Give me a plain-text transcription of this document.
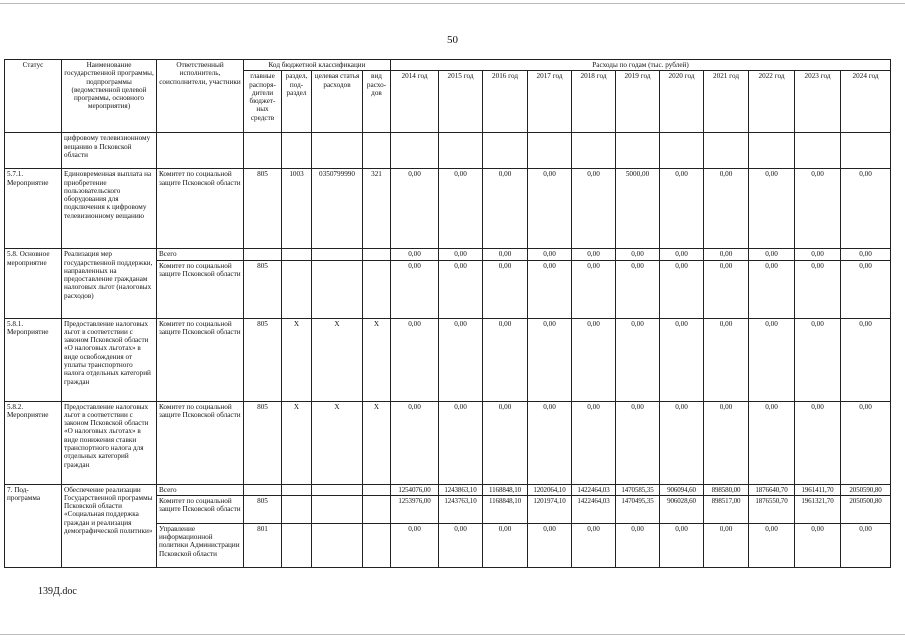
50
Статус	Наименование государственной программы, подпрограммы (ведомственной целевой программы, основного мероприятия)	Ответственный исполнитель, соисполнители, участники	Код бюджетной классификации				Расходы по годам (тыс. рублей)										
			главные распоря-дители бюджет-ных средств	раздел, под-раздел	целевая статья расходов	вид расхо-дов	2014 год	2015 год	2016 год	2017 год	2018 год	2019 год	2020 год	2021 год	2022 год	2023 год	2024 год
	цифровому телевизионному вещанию в Псковской области																
5.7.1. Мероприятие	Единовременная выплата на приобретение пользовательского оборудования для подключения к цифровому телевизионному вещанию	Комитет по социальной защите Псковской области	805	1003	0350799990	321	0,00	0,00	0,00	0,00	0,00	5000,00	0,00	0,00	0,00	0,00	0,00
5.8. Основное мероприятие	Реализация мер государственной поддержки, направленных на предоставление гражданам налоговых льгот (налоговых расходов)	Всего					0,00	0,00	0,00	0,00	0,00	0,00	0,00	0,00	0,00	0,00	0,00
		Комитет по социальной защите Псковской области	805				0,00	0,00	0,00	0,00	0,00	0,00	0,00	0,00	0,00	0,00	0,00
5.8.1. Мероприятие	Предоставление налоговых льгот в соответствии с законом Псковской области «О налоговых льготах» в виде освобождения от уплаты транспортного налога отдельных категорий граждан	Комитет по социальной защите Псковской области	805	X	X	X	0,00	0,00	0,00	0,00	0,00	0,00	0,00	0,00	0,00	0,00	0,00
5.8.2. Мероприятие	Предоставление налоговых льгот в соответствии с законом Псковской области «О налоговых льготах» в виде понижения ставки транспортного налога для отдельных категорий граждан	Комитет по социальной защите Псковской области	805	X	X	X	0,00	0,00	0,00	0,00	0,00	0,00	0,00	0,00	0,00	0,00	0,00
7. Под-программа	Обеспечение реализации Государственной программы Псковской области «Социальная поддержка граждан и реализация демографической политики»	Всего					1254076,00	1243863,10	1168848,10	1202064,10	1422464,03	1470585,35	906094,60	898580,00	1876640,70	1961411,70	2050590,80
		Комитет по социальной защите Псковской области	805				1253976,00	1243763,10	1168848,10	1201974,10	1422464,03	1470495,35	906028,60	898517,00	1876550,70	1961321,70	2050500,80
		Управление информационной политики Администрации Псковской области	801				0,00	0,00	0,00	0,00	0,00	0,00	0,00	0,00	0,00	0,00	0,00
139Д.doc
